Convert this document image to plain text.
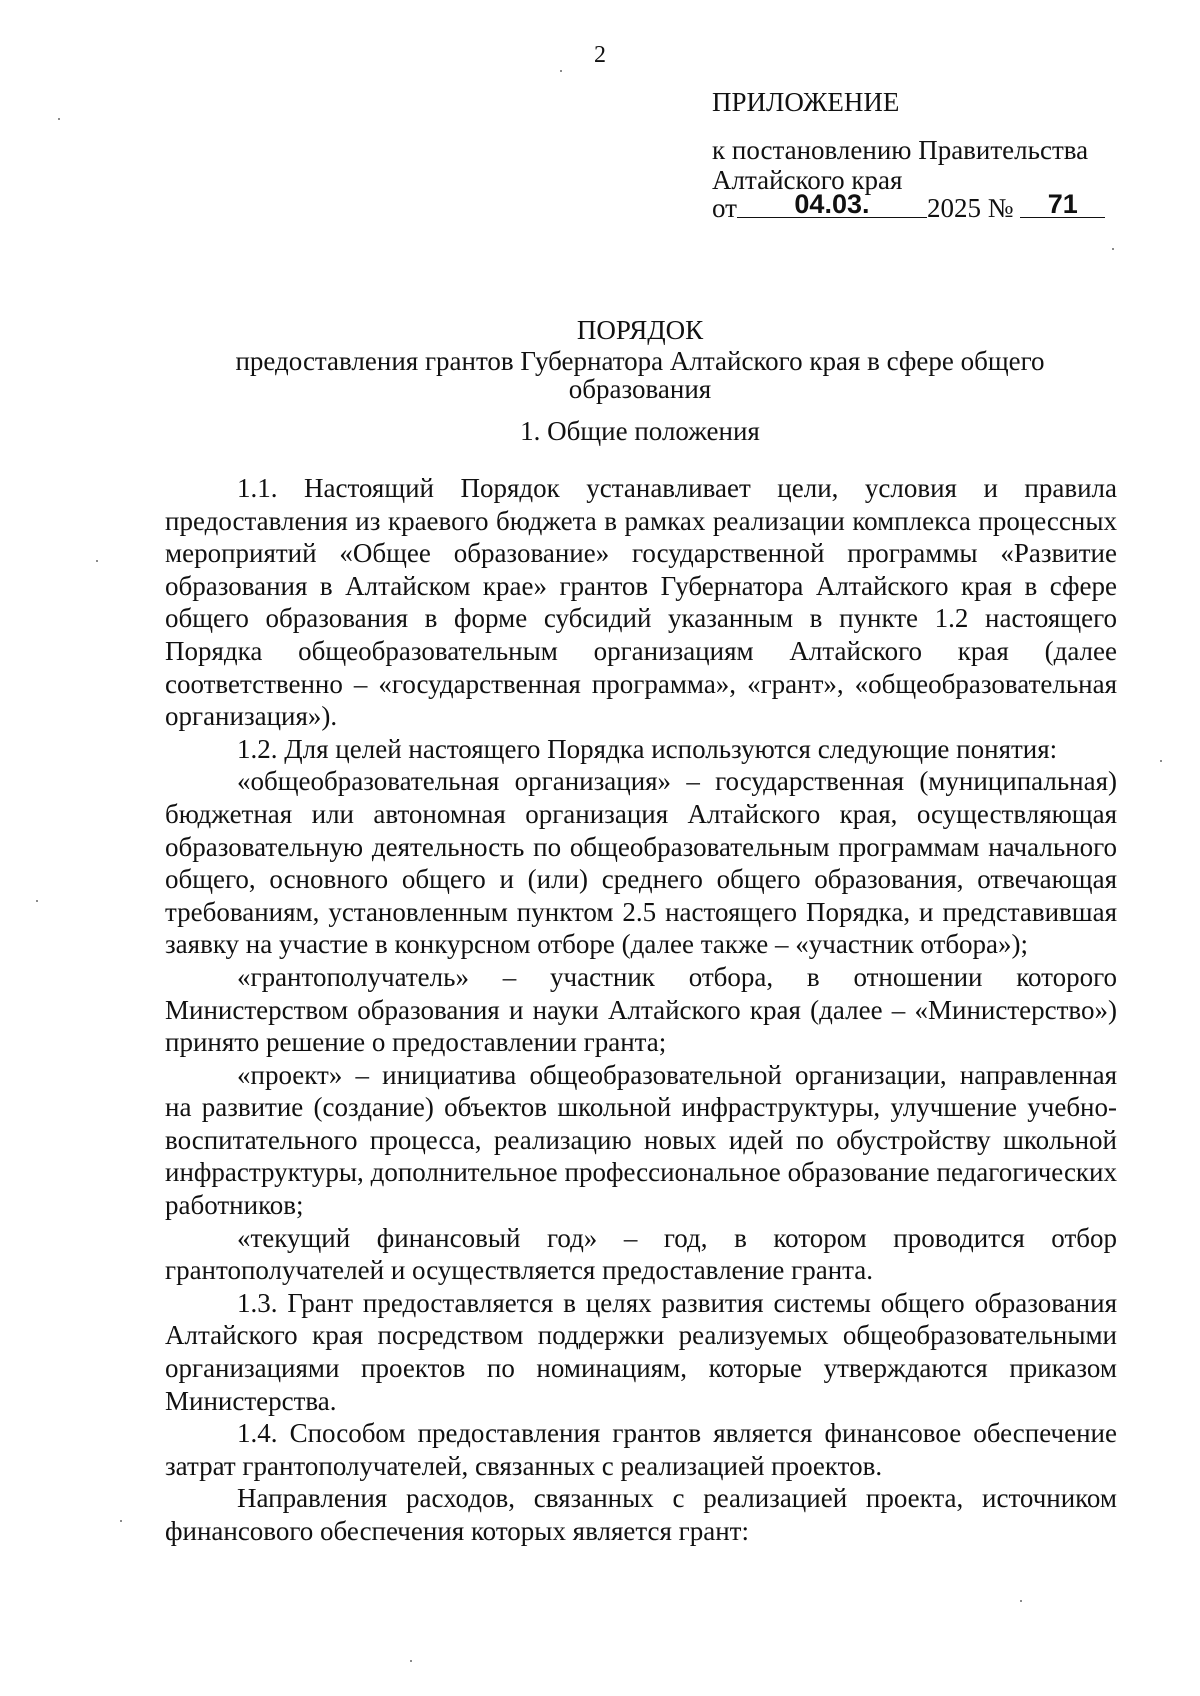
2
ПРИЛОЖЕНИЕ
к постановлению Правительства
Алтайского края
от 04.03. 2025 № 71
ПОРЯДОК
предоставления грантов Губернатора Алтайского края в сфере общего образования
1. Общие положения

1.1. Настоящий Порядок устанавливает цели, условия и правила предоставления из краевого бюджета в рамках реализации комплекса процессных мероприятий «Общее образование» государственной программы «Развитие образования в Алтайском крае» грантов Губернатора Алтайского края в сфере общего образования в форме субсидий указанным в пункте 1.2 настоящего Порядка общеобразовательным организациям Алтайского края (далее соответственно – «государственная программа», «грант», «общеобразовательная организация»).

1.2. Для целей настоящего Порядка используются следующие понятия:

«общеобразовательная организация» – государственная (муниципальная) бюджетная или автономная организация Алтайского края, осуществляющая образовательную деятельность по общеобразовательным программам начального общего, основного общего и (или) среднего общего образования, отвечающая требованиям, установленным пунктом 2.5 настоящего Порядка, и представившая заявку на участие в конкурсном отборе (далее также – «участник отбора»);

«грантополучатель» – участник отбора, в отношении которого Министерством образования и науки Алтайского края (далее – «Министерство») принято решение о предоставлении гранта;

«проект» – инициатива общеобразовательной организации, направленная на развитие (создание) объектов школьной инфраструктуры, улучшение учебно-воспитательного процесса, реализацию новых идей по обустройству школьной инфраструктуры, дополнительное профессиональное образование педагогических работников;

«текущий финансовый год» – год, в котором проводится отбор грантополучателей и осуществляется предоставление гранта.

1.3. Грант предоставляется в целях развития системы общего образования Алтайского края посредством поддержки реализуемых общеобразовательными организациями проектов по номинациям, которые утверждаются приказом Министерства.

1.4. Способом предоставления грантов является финансовое обеспечение затрат грантополучателей, связанных с реализацией проектов.

Направления расходов, связанных с реализацией проекта, источником финансового обеспечения которых является грант:
